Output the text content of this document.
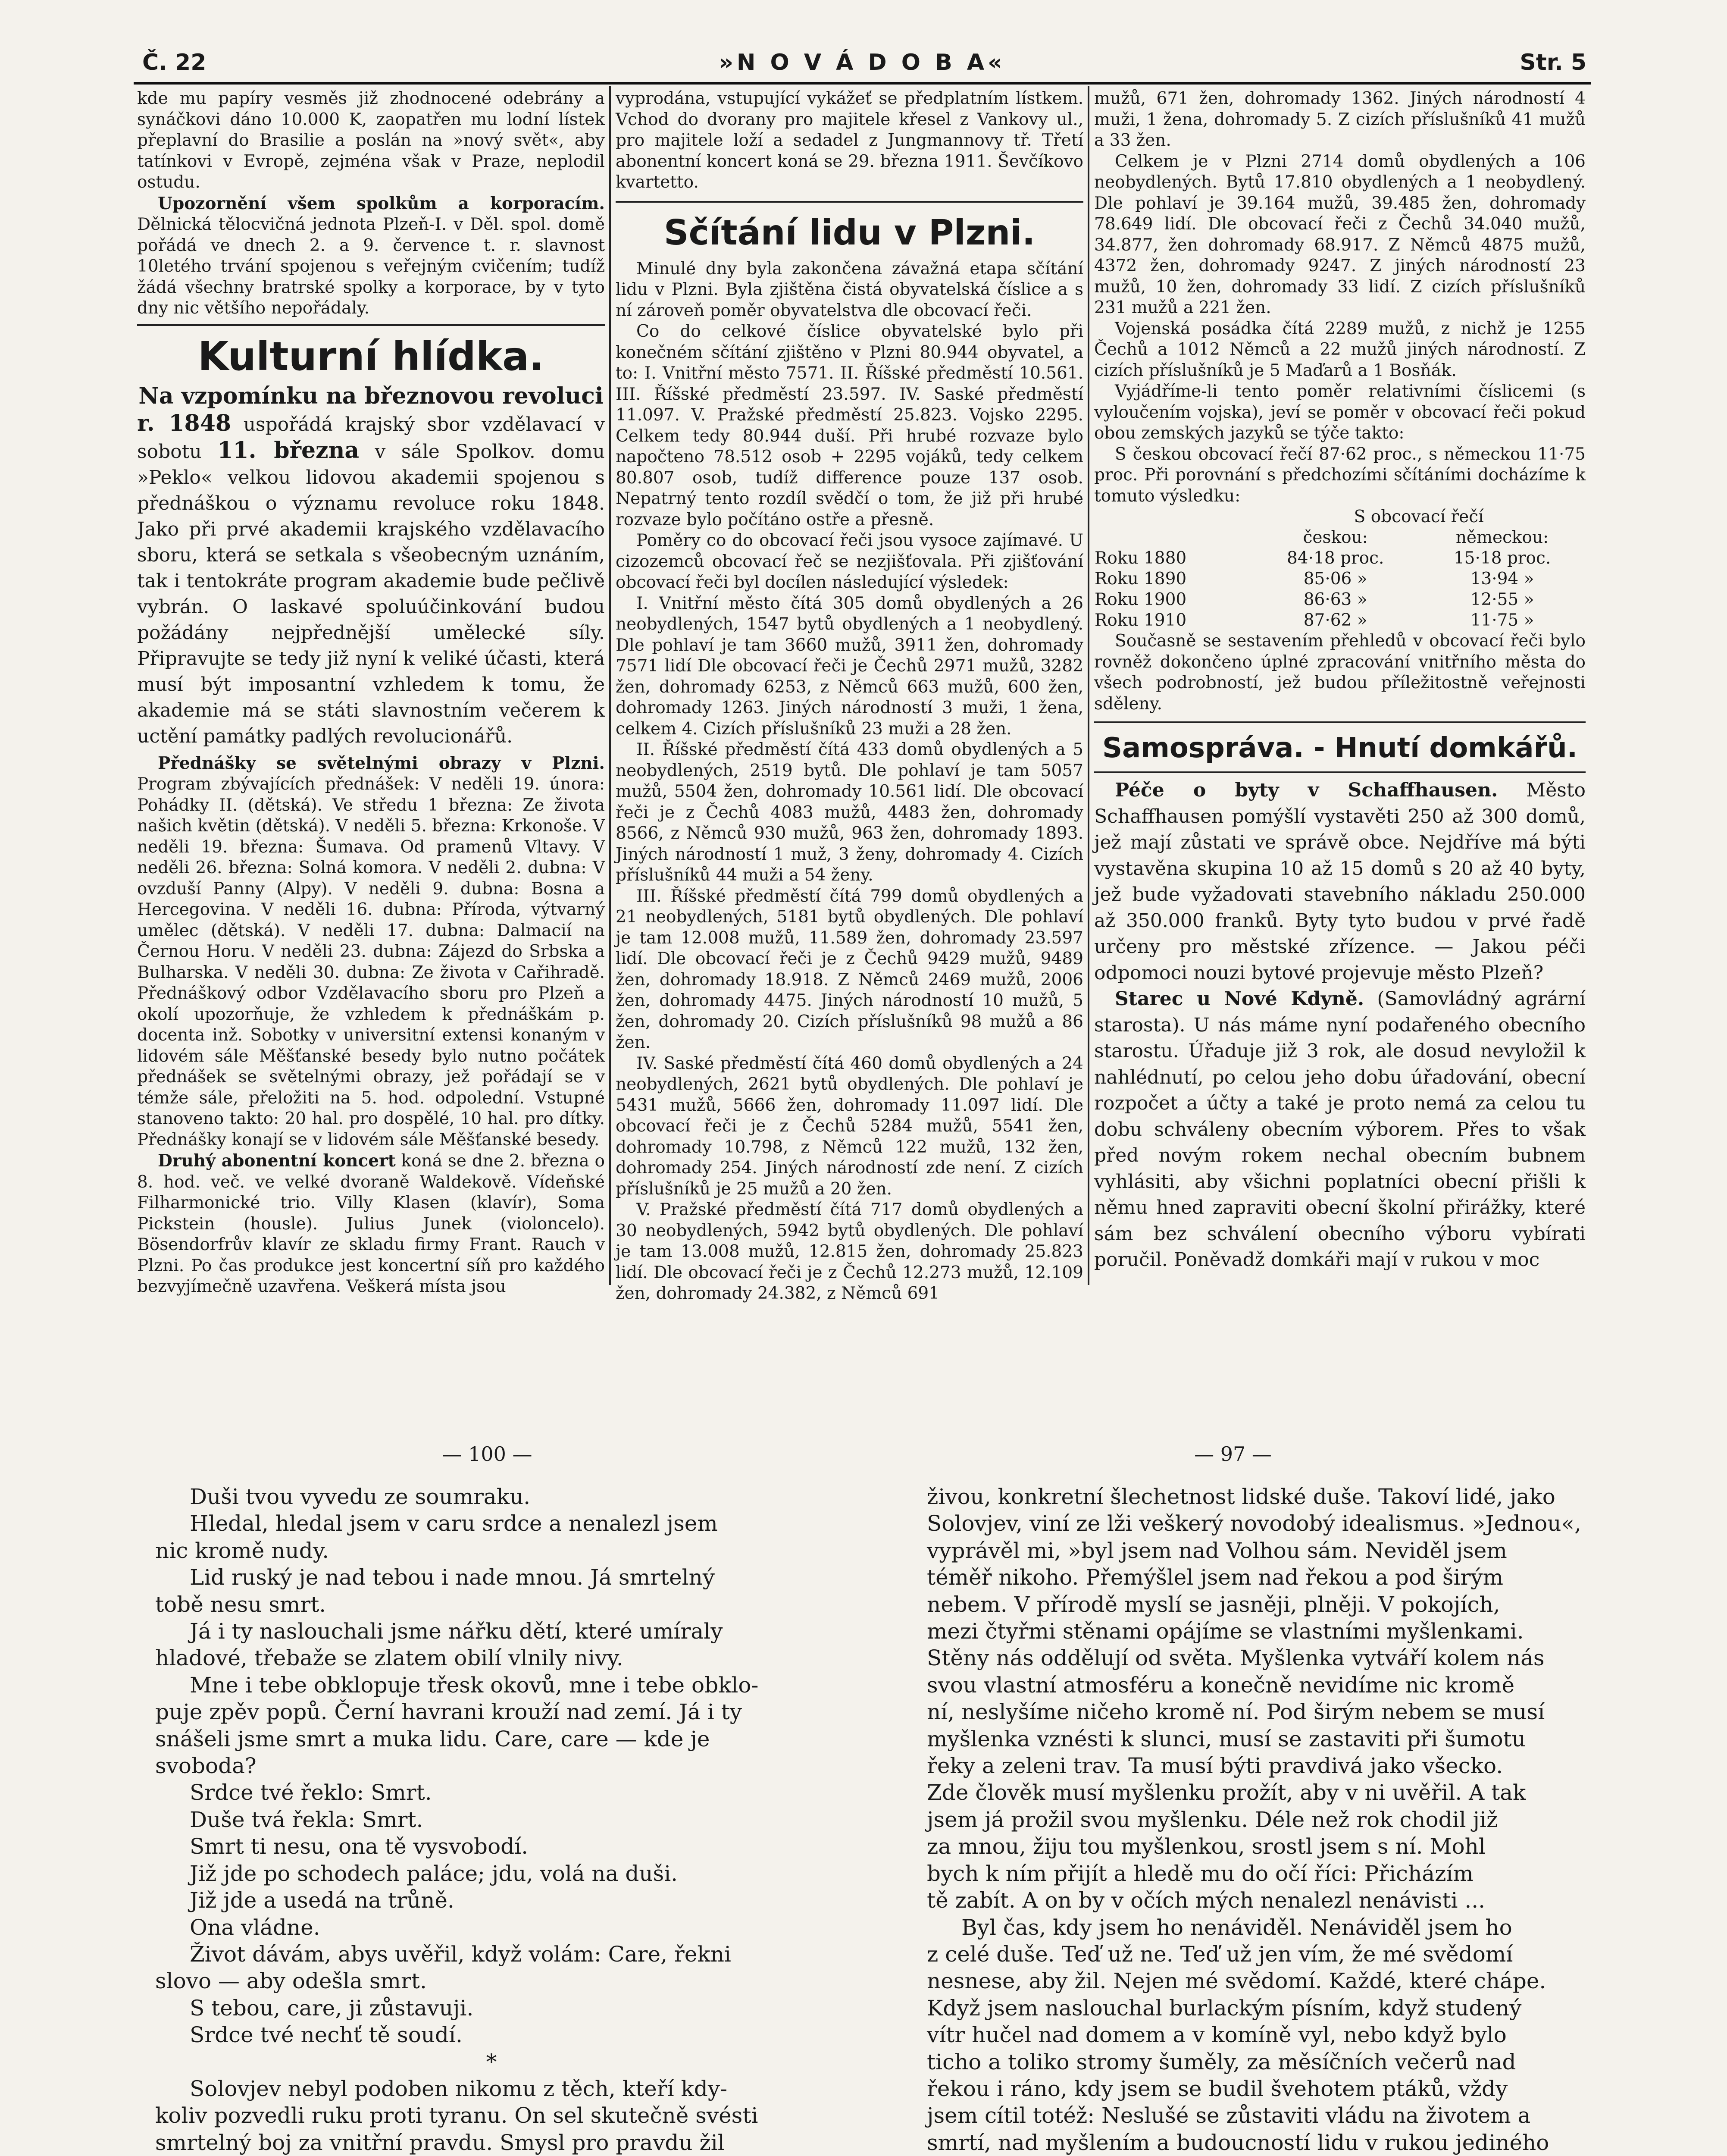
Č. 22	»N O V Á D O B A«	Str. 5

kde mu papíry vesměs již zhodnocené odebrány a synáčkovi dáno 10.000 K, zaopatřen mu lodní lístek přeplavní do Brasilie a poslán na »nový svět«, aby tatínkovi v Evropě, zejména však v Praze, neplodil ostudu.

Upozornění všem spolkům a korporacím. Dělnická tělocvičná jednota Plzeň-I. v Děl. spol. domě pořádá ve dnech 2. a 9. července t. r. slavnost 10letého trvání spojenou s veřejným cvičením; tudíž žádá všechny bratrské spolky a korporace, by v tyto dny nic většího nepořádaly.

Kulturní hlídka.
Na vzpomínku na březnovou revoluci

r. 1848 uspořádá krajský sbor vzdělavací v sobotu 11. března v sále Spolkov. domu »Peklo« velkou lidovou akademii spojenou s přednáškou o významu revoluce roku 1848. Jako při prvé akademii krajského vzdělavacího sboru, která se setkala s všeobecným uznáním, tak i tentokráte program akademie bude pečlivě vybrán. O laskavé spoluúčinkování budou požádány nejpřednější umělecké síly. Připravujte se tedy již nyní k veliké účasti, která musí být imposantní vzhledem k tomu, že akademie má se státi slavnostním večerem k uctění památky padlých revolucionářů.

Přednášky se světelnými obrazy v Plzni. Program zbývajících přednášek: V neděli 19. února: Pohádky II. (dětská). Ve středu 1 března: Ze života našich květin (dětská). V neděli 5. března: Krkonoše. V neděli 19. března: Šumava. Od pramenů Vltavy. V neděli 26. března: Solná komora. V neděli 2. dubna: V ovzduší Panny (Alpy). V neděli 9. dubna: Bosna a Hercegovina. V neděli 16. dubna: Příroda, výtvarný umělec (dětská). V neděli 17. dubna: Dalmacií na Černou Horu. V neděli 23. dubna: Zájezd do Srbska a Bulharska. V neděli 30. dubna: Ze života v Cařihradě. Přednáškový odbor Vzdělavacího sboru pro Plzeň a okolí upozorňuje, že vzhledem k přednáškám p. docenta inž. Sobotky v universitní extensi konaným v lidovém sále Měšťanské besedy bylo nutno počátek přednášek se světelnými obrazy, jež pořádají se v témže sále, přeložiti na 5. hod. odpolední. Vstupné stanoveno takto: 20 hal. pro dospělé, 10 hal. pro dítky. Přednášky konají se v lidovém sále Měšťanské besedy.

Druhý abonentní koncert koná se dne 2. března o 8. hod. več. ve velké dvoraně Waldekově. Vídeňské Filharmonické trio. Villy Klasen (klavír), Soma Pickstein (housle). Julius Junek (violoncelo). Bösendorfrův klavír ze skladu firmy Frant. Rauch v Plzni. Po čas produkce jest koncertní síň pro každého bezvyjímečně uzavřena. Veškerá místa jsou

vyprodána, vstupující vykážeť se předplatním lístkem. Vchod do dvorany pro majitele křesel z Vankovy ul., pro majitele loží a sedadel z Jungmannovy tř. Třetí abonentní koncert koná se 29. března 1911. Ševčíkovo kvartetto.

Sčítání lidu v Plzni.

Minulé dny byla zakončena závažná etapa sčítání lidu v Plzni. Byla zjištěna čistá obyvatelská číslice a s ní zároveň poměr obyvatelstva dle obcovací řeči.

Co do celkové číslice obyvatelské bylo při konečném sčítání zjištěno v Plzni 80.944 obyvatel, a to: I. Vnitřní město 7571. II. Říšské předměstí 10.561. III. Říšské předměstí 23.597. IV. Saské předměstí 11.097. V. Pražské předměstí 25.823. Vojsko 2295. Celkem tedy 80.944 duší. Při hrubé rozvaze bylo napočteno 78.512 osob + 2295 vojáků, tedy celkem 80.807 osob, tudíž difference pouze 137 osob. Nepatrný tento rozdíl svědčí o tom, že již při hrubé rozvaze bylo počítáno ostře a přesně.

Poměry co do obcovací řeči jsou vysoce zajímavé. U cizozemců obcovací řeč se nezjišťovala. Při zjišťování obcovací řeči byl docílen následující výsledek:

I. Vnitřní město čítá 305 domů obydlených a 26 neobydlených, 1547 bytů obydlených a 1 neobydlený. Dle pohlaví je tam 3660 mužů, 3911 žen, dohromady 7571 lidí Dle obcovací řeči je Čechů 2971 mužů, 3282 žen, dohromady 6253, z Němců 663 mužů, 600 žen, dohromady 1263. Jiných národností 3 muži, 1 žena, celkem 4. Cizích příslušníků 23 muži a 28 žen.

II. Říšské předměstí čítá 433 domů obydlených a 5 neobydlených, 2519 bytů. Dle pohlaví je tam 5057 mužů, 5504 žen, dohromady 10.561 lidí. Dle obcovací řeči je z Čechů 4083 mužů, 4483 žen, dohromady 8566, z Němců 930 mužů, 963 žen, dohromady 1893. Jiných národností 1 muž, 3 ženy, dohromady 4. Cizích příslušníků 44 muži a 54 ženy.

III. Říšské předměstí čítá 799 domů obydlených a 21 neobydlených, 5181 bytů obydlených. Dle pohlaví je tam 12.008 mužů, 11.589 žen, dohromady 23.597 lidí. Dle obcovací řeči je z Čechů 9429 mužů, 9489 žen, dohromady 18.918. Z Němců 2469 mužů, 2006 žen, dohromady 4475. Jiných národností 10 mužů, 5 žen, dohromady 20. Cizích příslušníků 98 mužů a 86 žen.

IV. Saské předměstí čítá 460 domů obydlených a 24 neobydlených, 2621 bytů obydlených. Dle pohlaví je 5431 mužů, 5666 žen, dohromady 11.097 lidí. Dle obcovací řeči je z Čechů 5284 mužů, 5541 žen, dohromady 10.798, z Němců 122 mužů, 132 žen, dohromady 254. Jiných národností zde není. Z cizích příslušníků je 25 mužů a 20 žen.

V. Pražské předměstí čítá 717 domů obydlených a 30 neobydlených, 5942 bytů obydlených. Dle pohlaví je tam 13.008 mužů, 12.815 žen, dohromady 25.823 lidí. Dle obcovací řeči je z Čechů 12.273 mužů, 12.109 žen, dohromady 24.382, z Němců 691

mužů, 671 žen, dohromady 1362. Jiných národností 4 muži, 1 žena, dohromady 5. Z cizích příslušníků 41 mužů a 33 žen.

Celkem je v Plzni 2714 domů obydlených a 106 neobydlených. Bytů 17.810 obydlených a 1 neobydlený. Dle pohlaví je 39.164 mužů, 39.485 žen, dohromady 78.649 lidí. Dle obcovací řeči z Čechů 34.040 mužů, 34.877, žen dohromady 68.917. Z Němců 4875 mužů, 4372 žen, dohromady 9247. Z jiných národností 23 mužů, 10 žen, dohromady 33 lidí. Z cizích příslušníků 231 mužů a 221 žen.

Vojenská posádka čítá 2289 mužů, z nichž je 1255 Čechů a 1012 Němců a 22 mužů jiných národností. Z cizích příslušníků je 5 Maďarů a 1 Bosňák.

Vyjádříme-li tento poměr relativními číslicemi (s vyloučením vojska), jeví se poměr v obcovací řeči pokud obou zemských jazyků se týče takto:

S českou obcovací řečí 87·62 proc., s německou 11·75 proc. Při porovnání s předchozími sčítáními docházíme k tomuto výsledku:

	S obcovací řečí	
	českou:	německou:
Roku 1880	84·18 proc.	15·18 proc.
Roku 1890	85·06 »	13·94 »
Roku 1900	86·63 »	12·55 »
Roku 1910	87·62 »	11·75 »

Současně se sestavením přehledů v obcovací řeči bylo rovněž dokončeno úplné zpracování vnitřního města do všech podrobností, jež budou příležitostně veřejnosti sděleny.

Samospráva. - Hnutí domkářů.

Péče o byty v Schaffhausen. Město Schaffhausen pomýšlí vystavěti 250 až 300 domů, jež mají zůstati ve správě obce. Nejdříve má býti vystavěna skupina 10 až 15 domů s 20 až 40 byty, jež bude vyžadovati stavebního nákladu 250.000 až 350.000 franků. Byty tyto budou v prvé řadě určeny pro městské zřízence. — Jakou péči odpomoci nouzi bytové projevuje město Plzeň?

Starec u Nové Kdyně. (Samovládný agrární starosta). U nás máme nyní podařeného obecního starostu. Úřaduje již 3 rok, ale dosud nevyložil k nahlédnutí, po celou jeho dobu úřadování, obecní rozpočet a účty a také je proto nemá za celou tu dobu schváleny obecním výborem. Přes to však před novým rokem nechal obecním bubnem vyhlásiti, aby všichni poplatníci obecní přišli k němu hned zapraviti obecní školní přirážky, které sám bez schválení obecního výboru vybírati poručil. Poněvadž domkáři mají v rukou v moc

— 100 —
Duši tvou vyvedu ze soumraku.
Hledal, hledal jsem v caru srdce a nenalezl jsem
nic kromě nudy.
Lid ruský je nad tebou i nade mnou. Já smrtelný
tobě nesu smrt.
Já i ty naslouchali jsme nářku dětí, které umíraly
hladové, třebaže se zlatem obilí vlnily nivy.
Mne i tebe obklopuje třesk okovů, mne i tebe obklo-
puje zpěv popů. Černí havrani krouží nad zemí. Já i ty
snášeli jsme smrt a muka lidu. Care, care — kde je
svoboda?
Srdce tvé řeklo: Smrt.
Duše tvá řekla: Smrt.
Smrt ti nesu, ona tě vysvobodí.
Již jde po schodech paláce; jdu, volá na duši.
Již jde a usedá na trůně.
Ona vládne.
Život dávám, abys uvěřil, když volám: Care, řekni
slovo — aby odešla smrt.
S tebou, care, ji zůstavuji.
Srdce tvé nechť tě soudí.
*
Solovjev nebyl podoben nikomu z těch, kteří kdy-
koliv pozvedli ruku proti tyranu. On sel skutečně svésti
smrtelný boj za vnitřní pravdu. Smysl pro pravdu žil
— 97 —
živou, konkretní šlechetnost lidské duše. Takoví lidé, jako
Solovjev, viní ze lži veškerý novodobý idealismus. »Jednou«,
vyprávěl mi, »byl jsem nad Volhou sám. Neviděl jsem
téměř nikoho. Přemýšlel jsem nad řekou a pod širým
nebem. V přírodě myslí se jasněji, plněji. V pokojích,
mezi čtyřmi stěnami opájíme se vlastními myšlenkami.
Stěny nás oddělují od světa. Myšlenka vytváří kolem nás
svou vlastní atmosféru a konečně nevidíme nic kromě
ní, neslyšíme ničeho kromě ní. Pod širým nebem se musí
myšlenka vznésti k slunci, musí se zastaviti při šumotu
řeky a zeleni trav. Ta musí býti pravdivá jako všecko.
Zde člověk musí myšlenku prožít, aby v ni uvěřil. A tak
jsem já prožil svou myšlenku. Déle než rok chodil již
za mnou, žiju tou myšlenkou, srostl jsem s ní. Mohl
bych k ním přijít a hledě mu do očí říci: Přicházím
tě zabít. A on by v očích mých nenalezl nenávisti ...
Byl čas, kdy jsem ho nenáviděl. Nenáviděl jsem ho
z celé duše. Teď už ne. Teď už jen vím, že mé svědomí
nesnese, aby žil. Nejen mé svědomí. Každé, které chápe.
Když jsem naslouchal burlackým písním, když studený
vítr hučel nad domem a v komíně vyl, nebo když bylo
ticho a toliko stromy šuměly, za měsíčních večerů nad
řekou i ráno, kdy jsem se budil švehotem ptáků, vždy
jsem cítil totéž: Neslušé se zůstaviti vládu na životem a
smrtí, nad myšlením a budoucností lidu v rukou jediného
